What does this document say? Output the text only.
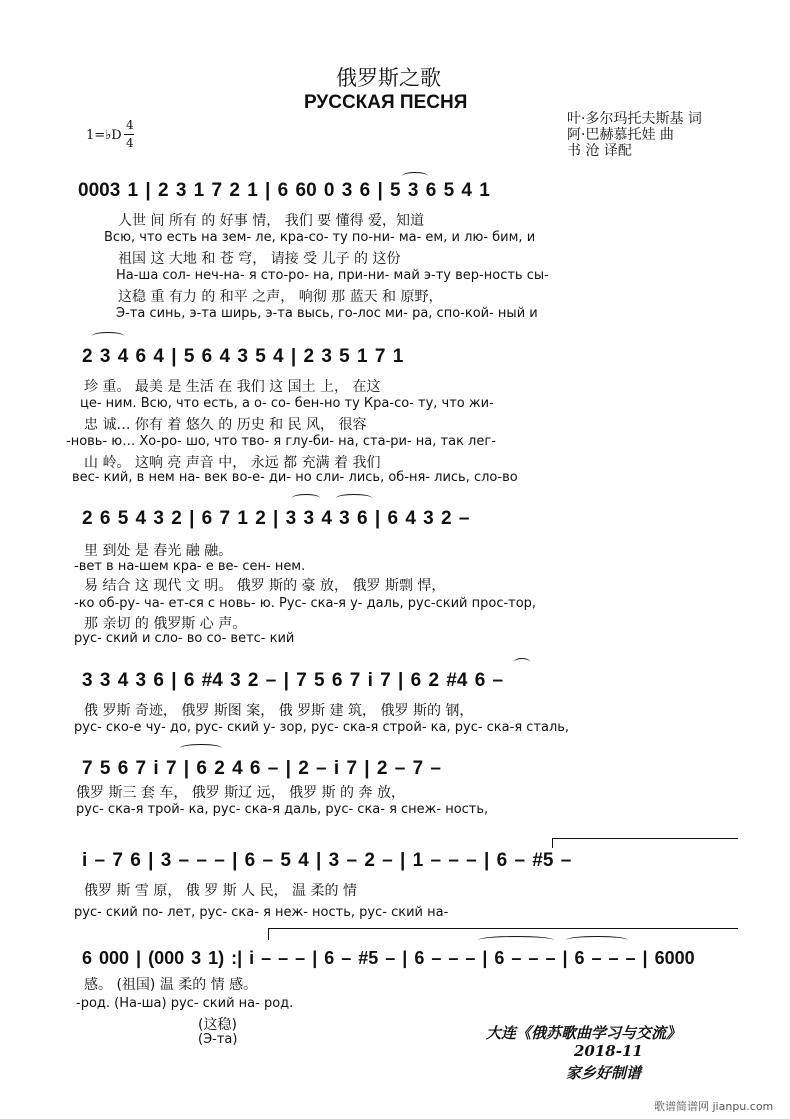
俄罗斯之歌
РУССКАЯ ПЕСНЯ
1=♭D
4
4
叶·多尔玛托夫斯基 词
阿·巴赫慕托娃 曲
书 沧 译配
0003 1 | 2 3 1 7 2 1 | 6 60 0 3 6 | 5 3 6 5 4 1
人世 间 所有 的 好事 情， 我们 要 懂得 爱，知道
Всю, что есть на зем- ле, кра-со- ту по-ни- ма- ем, и лю- бим, и
祖国 这 大地 和 苍 穹， 请接 受 儿子 的 这份
На-ша сол- неч-на- я сто-ро- на, при-ни- май э-ту вер-ность сы-
这稳 重 有力 的 和平 之声， 响彻 那 蓝天 和 原野，
Э-та синь, э-та ширь, э-та высь, го-лос ми- ра, спо-кой- ный и
2 3 4 6 4 | 5 6 4 3 5 4 | 2 3 5 1 7 1
珍 重。 最美 是 生活 在 我们 这 国土 上， 在这
це- ним. Всю, что есть, а о- со- бен-но ту Кра-со- ту, что жи-
忠 诚… 你有 着 悠久 的 历史 和 民 风， 很容
-новь- ю… Хо-ро- шо, что тво- я глу-би- на, ста-ри- на, так лег-
山 岭。 这响 亮 声音 中， 永远 都 充满 着 我们
вес- кий, в нем на- век во-е- ди- но сли- лись, об-ня- лись, сло-во
2 6 5 4 3 2 | 6 7 1 2 | 3 3 4 3 6 | 6 4 3 2 –
里 到处 是 春光 融 融。
-вет в на-шем кра- е ве- сен- нем.
易 结合 这 现代 文 明。 俄罗 斯的 豪 放， 俄罗 斯剽 悍，
-ко об-ру- ча- ет-ся с новь- ю. Рус- ска-я у- даль, рус-ский прос-тор,
那 亲切 的 俄罗斯 心 声。
рус- ский и сло- во со- ветс- кий
3 3 4 3 6 | 6 #4 3 2 – | 7 5 6 7 i 7 | 6 2 #4 6 –
俄 罗斯 奇迹， 俄罗 斯图 案， 俄 罗斯 建 筑， 俄罗 斯的 钢，
рус- ско-е чу- до, рус- ский у- зор, рус- ска-я строй- ка, рус- ска-я сталь,
7 5 6 7 i 7 | 6 2 4 6 – | 2 – i 7 | 2 – 7 –
俄罗 斯三 套 车， 俄罗 斯辽 远， 俄罗 斯 的 奔 放，
рус- ска-я трой- ка, рус- ска-я даль, рус- ска- я снеж- ность,
i – 7 6 | 3 – – – | 6 – 5 4 | 3 – 2 – | 1 – – – | 6 – #5 –
俄罗 斯 雪 原， 俄 罗 斯 人 民， 温 柔的 情
рус- ский по- лет, рус- ска- я неж- ность, рус- ский на-
6 000 | (000 3 1) :| i – – – | 6 – #5 – | 6 – – – | 6 – – – | 6 – – – | 6000
感。 (祖国) 温 柔的 情 感。
-род. (На-ша) рус- ский на- род.
(这稳)
(Э-та)	大连《俄苏歌曲学习与交流》
2018-11
家乡好制谱
歌谱简谱网 jianpu.com
